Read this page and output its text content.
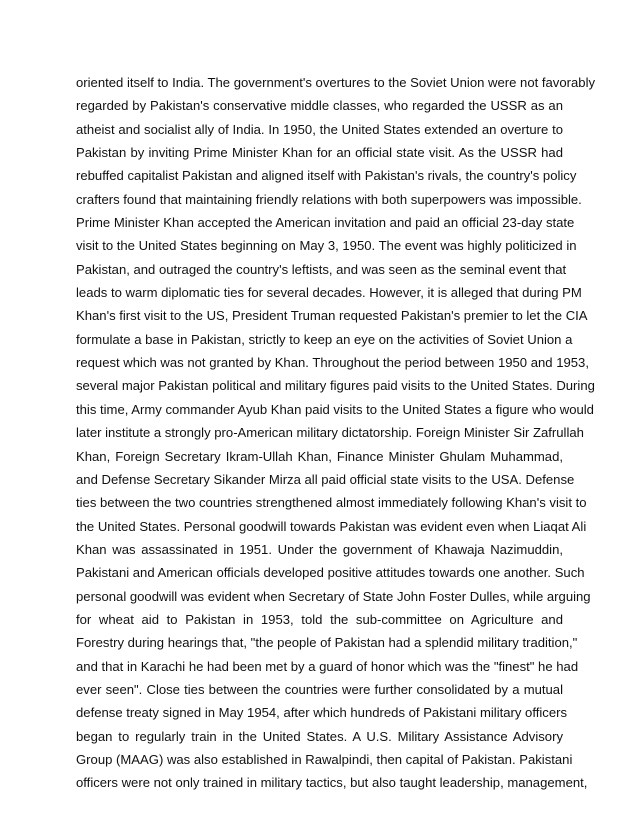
oriented itself to India. The government's overtures to the Soviet Union were not favorably
regarded by Pakistan's conservative middle classes, who regarded the USSR as an
atheist and socialist ally of India. In 1950, the United States extended an overture to
Pakistan by inviting Prime Minister Khan for an official state visit. As the USSR had
rebuffed capitalist Pakistan and aligned itself with Pakistan's rivals, the country's policy
crafters found that maintaining friendly relations with both superpowers was impossible.
Prime Minister Khan accepted the American invitation and paid an official 23-day state
visit to the United States beginning on May 3, 1950. The event was highly politicized in
Pakistan, and outraged the country's leftists, and was seen as the seminal event that
leads to warm diplomatic ties for several decades. However, it is alleged that during PM
Khan's first visit to the US, President Truman requested Pakistan's premier to let the CIA
formulate a base in Pakistan, strictly to keep an eye on the activities of Soviet Union a
request which was not granted by Khan. Throughout the period between 1950 and 1953,
several major Pakistan political and military figures paid visits to the United States. During
this time, Army commander Ayub Khan paid visits to the United States a figure who would
later institute a strongly pro-American military dictatorship. Foreign Minister Sir Zafrullah
Khan, Foreign Secretary Ikram-Ullah Khan, Finance Minister Ghulam Muhammad,
and Defense Secretary Sikander Mirza all paid official state visits to the USA. Defense
ties between the two countries strengthened almost immediately following Khan's visit to
the United States. Personal goodwill towards Pakistan was evident even when Liaqat Ali
Khan was assassinated in 1951. Under the government of Khawaja Nazimuddin,
Pakistani and American officials developed positive attitudes towards one another. Such
personal goodwill was evident when Secretary of State John Foster Dulles, while arguing
for wheat aid to Pakistan in 1953, told the sub-committee on Agriculture and
Forestry during hearings that, "the people of Pakistan had a splendid military tradition,"
and that in Karachi he had been met by a guard of honor which was the "finest" he had
ever seen". Close ties between the countries were further consolidated by a mutual
defense treaty signed in May 1954, after which hundreds of Pakistani military officers
began to regularly train in the United States. A U.S. Military Assistance Advisory
Group (MAAG) was also established in Rawalpindi, then capital of Pakistan. Pakistani
officers were not only trained in military tactics, but also taught leadership, management,
